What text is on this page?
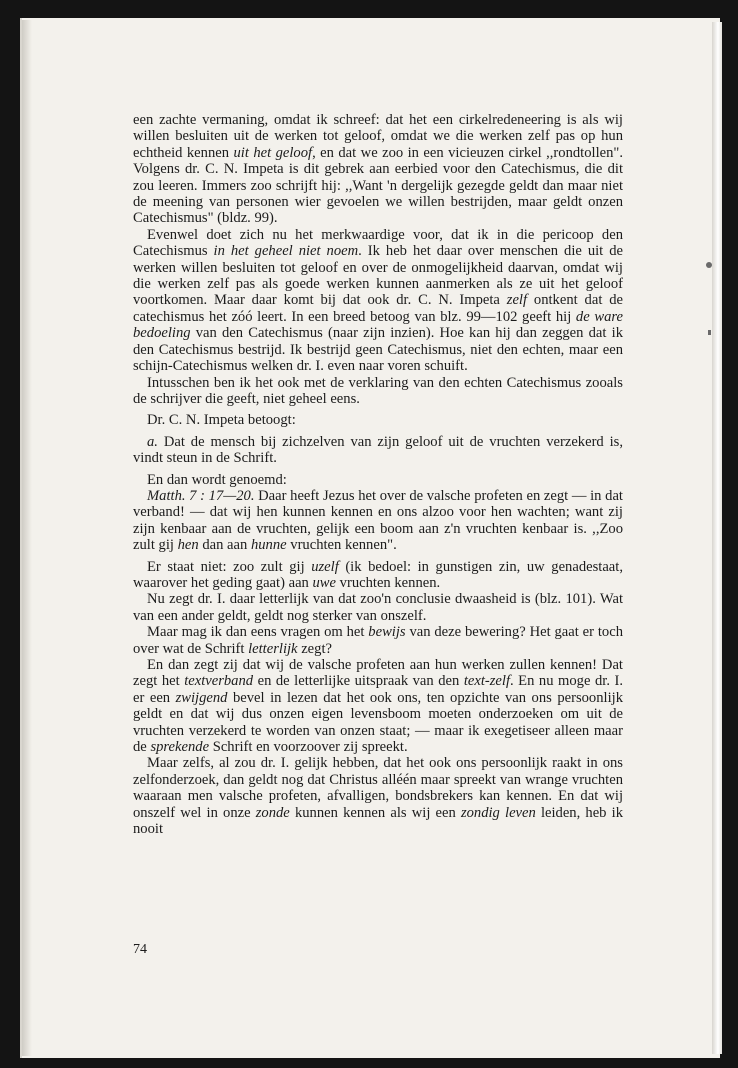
een zachte vermaning, omdat ik schreef: dat het een cirkelredeneering is als wij willen besluiten uit de werken tot geloof, omdat we die werken zelf pas op hun echtheid kennen uit het geloof, en dat we zoo in een vicieuzen cirkel ,,rondtollen". Volgens dr. C. N. Impeta is dit gebrek aan eerbied voor den Catechismus, die dit zou leeren. Immers zoo schrijft hij: ,,Want 'n dergelijk gezegde geldt dan maar niet de meening van personen wier gevoelen we willen bestrijden, maar geldt onzen Catechismus" (bldz. 99).

Evenwel doet zich nu het merkwaardige voor, dat ik in die pericoop den Catechismus in het geheel niet noem. Ik heb het daar over menschen die uit de werken willen besluiten tot geloof en over de onmogelijkheid daarvan, omdat wij die werken zelf pas als goede werken kunnen aanmerken als ze uit het geloof voortkomen. Maar daar komt bij dat ook dr. C. N. Impeta zelf ontkent dat de catechismus het zóó leert. In een breed betoog van blz. 99—102 geeft hij de ware bedoeling van den Catechismus (naar zijn inzien). Hoe kan hij dan zeggen dat ik den Catechismus bestrijd. Ik bestrijd geen Catechismus, niet den echten, maar een schijn-Catechismus welken dr. I. even naar voren schuift.

Intusschen ben ik het ook met de verklaring van den echten Catechismus zooals de schrijver die geeft, niet geheel eens.

Dr. C. N. Impeta betoogt:

a. Dat de mensch bij zichzelven van zijn geloof uit de vruchten verzekerd is, vindt steun in de Schrift.

En dan wordt genoemd:

Matth. 7 : 17—20. Daar heeft Jezus het over de valsche profeten en zegt — in dat verband! — dat wij hen kunnen kennen en ons alzoo voor hen wachten; want zij zijn kenbaar aan de vruchten, gelijk een boom aan z'n vruchten kenbaar is. ,,Zoo zult gij hen dan aan hunne vruchten kennen".

Er staat niet: zoo zult gij uzelf (ik bedoel: in gunstigen zin, uw genadestaat, waarover het geding gaat) aan uwe vruchten kennen.

Nu zegt dr. I. daar letterlijk van dat zoo'n conclusie dwaasheid is (blz. 101). Wat van een ander geldt, geldt nog sterker van onszelf.

Maar mag ik dan eens vragen om het bewijs van deze bewering? Het gaat er toch over wat de Schrift letterlijk zegt?

En dan zegt zij dat wij de valsche profeten aan hun werken zullen kennen! Dat zegt het textverband en de letterlijke uitspraak van den text-zelf. En nu moge dr. I. er een zwijgend bevel in lezen dat het ook ons, ten opzichte van ons persoonlijk geldt en dat wij dus onzen eigen levensboom moeten onderzoeken om uit de vruchten verzekerd te worden van onzen staat; — maar ik exegetiseer alleen maar de sprekende Schrift en voorzoover zij spreekt.

Maar zelfs, al zou dr. I. gelijk hebben, dat het ook ons persoonlijk raakt in ons zelfonderzoek, dan geldt nog dat Christus alléén maar spreekt van wrange vruchten waaraan men valsche profeten, afvalligen, bondsbrekers kan kennen. En dat wij onszelf wel in onze zonde kunnen kennen als wij een zondig leven leiden, heb ik nooit

74
